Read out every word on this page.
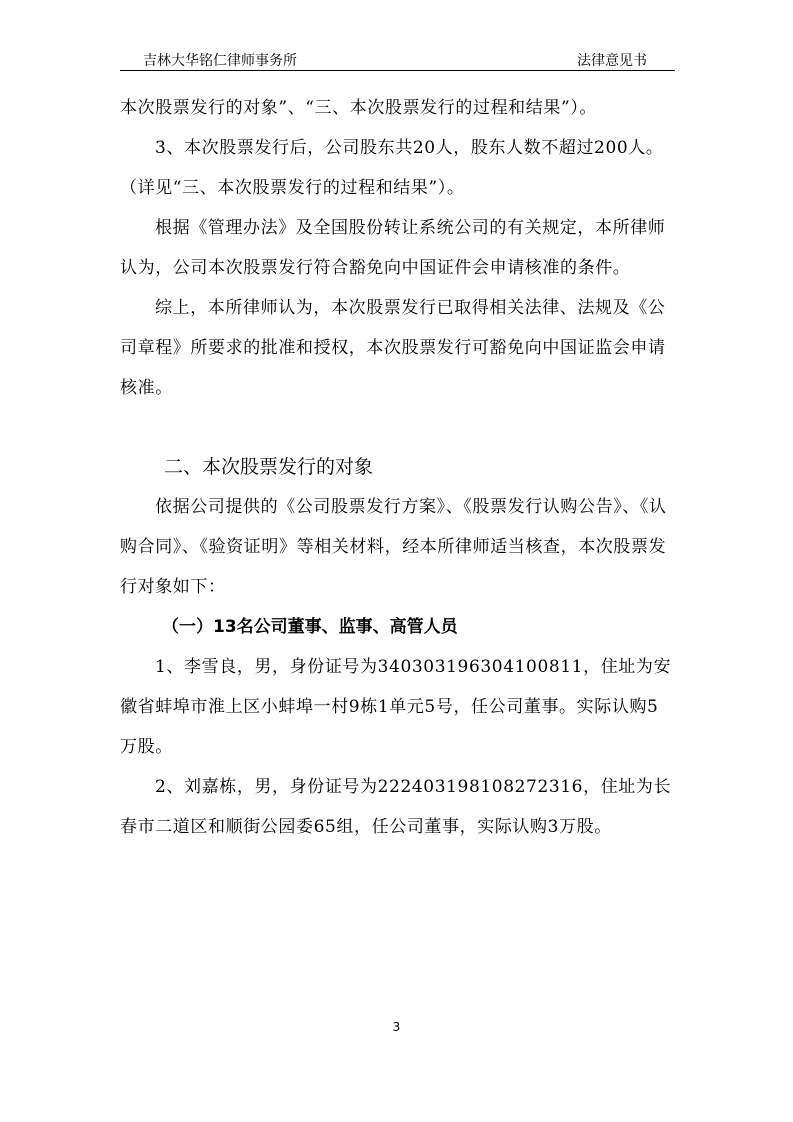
吉林大华铭仁律师事务所	法律意见书

本次股票发行的对象”、“三、本次股票发行的过程和结果”）。

3、本次股票发行后，公司股东共20人，股东人数不超过200人。（详见“三、本次股票发行的过程和结果”）。

根据《管理办法》及全国股份转让系统公司的有关规定，本所律师认为，公司本次股票发行符合豁免向中国证件会申请核准的条件。

综上，本所律师认为，本次股票发行已取得相关法律、法规及《公司章程》所要求的批准和授权，本次股票发行可豁免向中国证监会申请核准。

二、本次股票发行的对象

依据公司提供的《公司股票发行方案》、《股票发行认购公告》、《认购合同》、《验资证明》等相关材料，经本所律师适当核查，本次股票发行对象如下：

（一）13名公司董事、监事、高管人员

1、李雪良，男，身份证号为340303196304100811，住址为安徽省蚌埠市淮上区小蚌埠一村9栋1单元5号，任公司董事。实际认购5万股。

2、刘嘉栋，男，身份证号为222403198108272316，住址为长春市二道区和顺街公园委65组，任公司董事，实际认购3万股。

3
